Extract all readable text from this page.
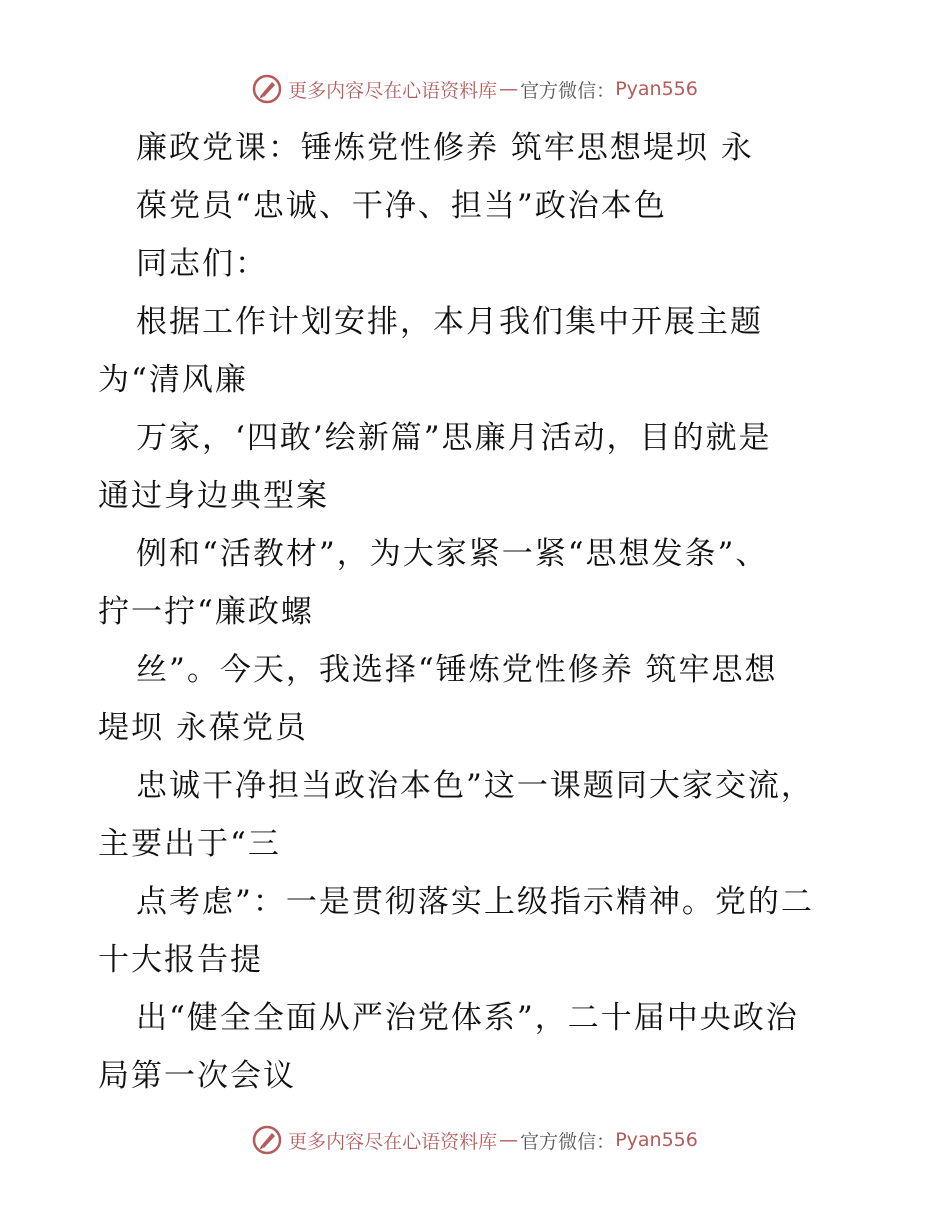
更多内容尽在心语资料库 — 官方微信： Pyan556
廉政党课：锤炼党性修养 筑牢思想堤坝 永
葆党员“忠诚、干净、担当”政治本色
同志们：
根据工作计划安排，本月我们集中开展主题
为“清风廉
万家，‘四敢’绘新篇”思廉月活动，目的就是
通过身边典型案
例和“活教材”，为大家紧一紧“思想发条”、
拧一拧“廉政螺
丝”。今天，我选择“锤炼党性修养 筑牢思想
堤坝 永葆党员
忠诚干净担当政治本色”这一课题同大家交流，
主要出于“三
点考虑”：一是贯彻落实上级指示精神。党的二
十大报告提
出“健全全面从严治党体系”，二十届中央政治
局第一次会议
更多内容尽在心语资料库 — 官方微信： Pyan556
